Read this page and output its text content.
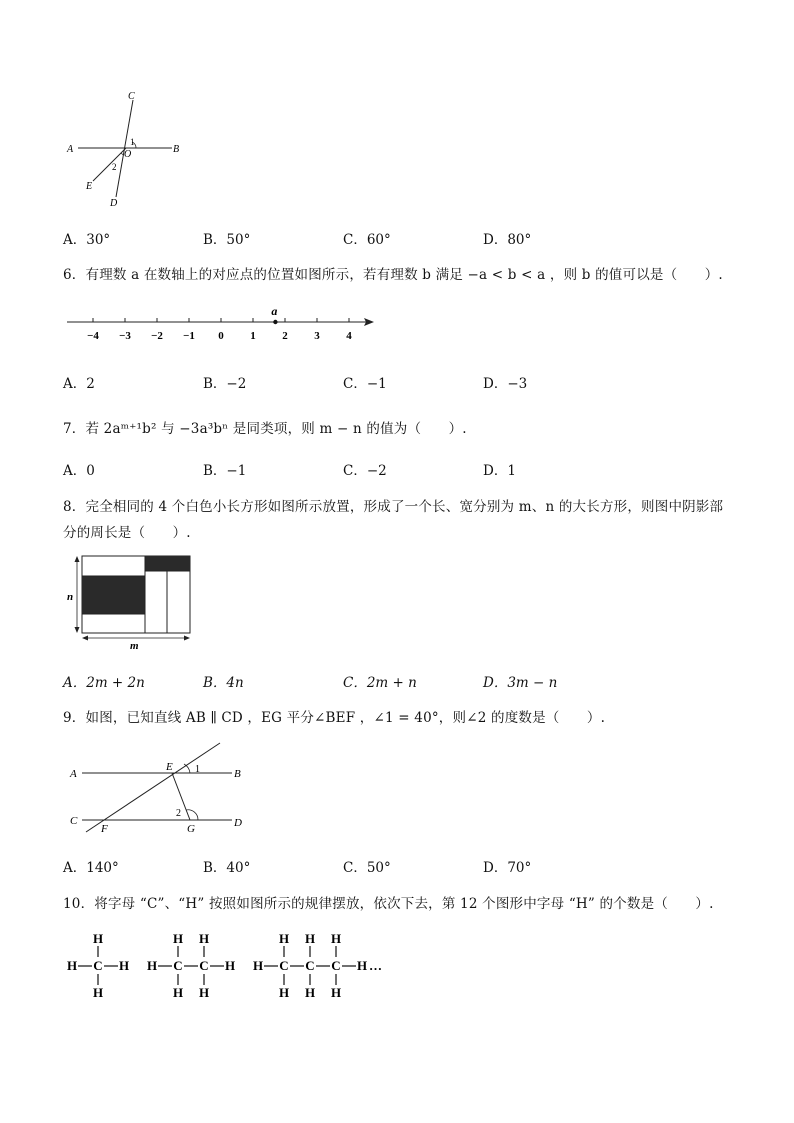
C
A	B
O
1
2
E
D
A．30°	B．50°	C．60°	D．80°
6．有理数 a 在数轴上的对应点的位置如图所示，若有理数 b 满足 −a < b < a ，则 b 的值可以是（　　）.
−4 −3 −2 −1 0 1 2 3 4
a
A．2	B．−2	C．−1	D．−3
7．若 2aᵐ⁺¹b² 与 −3a³bⁿ 是同类项，则 m − n 的值为（　　）.
A．0	B．−1	C．−2	D．1
8．完全相同的 4 个白色小长方形如图所示放置，形成了一个长、宽分别为 m、n 的大长方形，则图中阴影部
分的周长是（　　）.
n
m
A．2m + 2n	B．4n	C．2m + n	D．3m − n
9．如图，已知直线 AB ∥ CD ，EG 平分∠BEF ，∠1 = 40°，则∠2 的度数是（　　）.
A
E 1	B
2
C
F	G	D
A．140°	B．40°	C．50°	D．70°
10．将字母 “C”、“H” 按照如图所示的规律摆放，依次下去，第 12 个图形中字母 “H” 的个数是（　　）.
H C
H
H
H H C
H
H
C
H
H
H H C
H
H
C
H
H
C
H
H
H …
